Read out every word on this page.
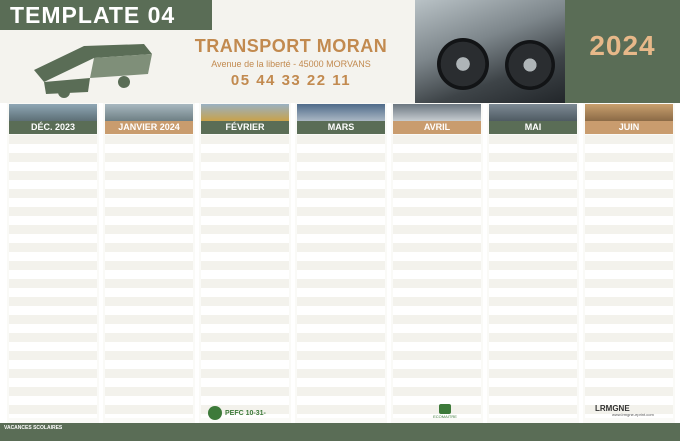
TEMPLATE 04
TRANSPORT MORAN
Avenue de la liberté - 45000 MORVANS
05 44 33 22 11
2024
DÉC. 2023	JANVIER 2024	FÉVRIER	MARS	AVRIL	MAI	JUIN
PEFC 10-31-	ECOMAITRE
LRMGNE
www.lrmgne-eprint.com
VACANCES SCOLAIRES
